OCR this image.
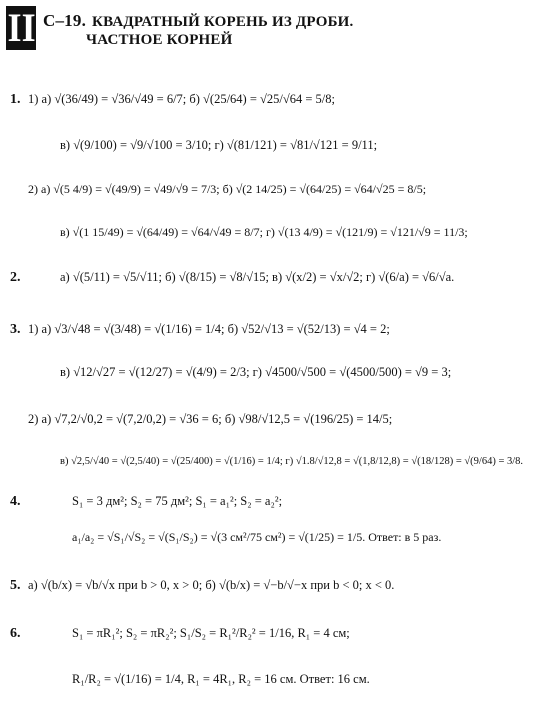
II С–19. КВАДРАТНЫЙ КОРЕНЬ ИЗ ДРОБИ.
ЧАСТНОЕ КОРНЕЙ
1.
2.
3.
4.
5.
6.
1) а) √(36/49) = √36/√49 = 6/7; б) √(25/64) = √25/√64 = 5/8;
в) √(9/100) = √9/√100 = 3/10; г) √(81/121) = √81/√121 = 9/11;
2) а) √(5 4/9) = √(49/9) = √49/√9 = 7/3; б) √(2 14/25) = √(64/25) = √64/√25 = 8/5;
в) √(1 15/49) = √(64/49) = √64/√49 = 8/7; г) √(13 4/9) = √(121/9) = √121/√9 = 11/3;
а) √(5/11) = √5/√11; б) √(8/15) = √8/√15; в) √(x/2) = √x/√2; г) √(6/a) = √6/√a.
1) а) √3/√48 = √(3/48) = √(1/16) = 1/4; б) √52/√13 = √(52/13) = √4 = 2;
в) √12/√27 = √(12/27) = √(4/9) = 2/3; г) √4500/√500 = √(4500/500) = √9 = 3;
2) а) √7,2/√0,2 = √(7,2/0,2) = √36 = 6; б) √98/√12,5 = √(196/25) = 14/5;
в) √2,5/√40 = √(2,5/40) = √(25/400) = √(1/16) = 1/4; г) √1.8/√12,8 = √(1,8/12,8) = √(18/128) = √(9/64) = 3/8.
S₁ = 3 дм²; S₂ = 75 дм²; S₁ = a₁²; S₂ = a₂²;
a₁/a₂ = √S₁/√S₂ = √(S₁/S₂) = √(3 см²/75 см²) = √(1/25) = 1/5. Ответ: в 5 раз.
а) √(b/x) = √b/√x при b > 0, x > 0; б) √(b/x) = √−b/√−x при b < 0; x < 0.
S₁ = πR₁²; S₂ = πR₂²; S₁/S₂ = R₁²/R₂² = 1/16, R₁ = 4 см;
R₁/R₂ = √(1/16) = 1/4, R₁ = 4R₁, R₂ = 16 см. Ответ: 16 см.
